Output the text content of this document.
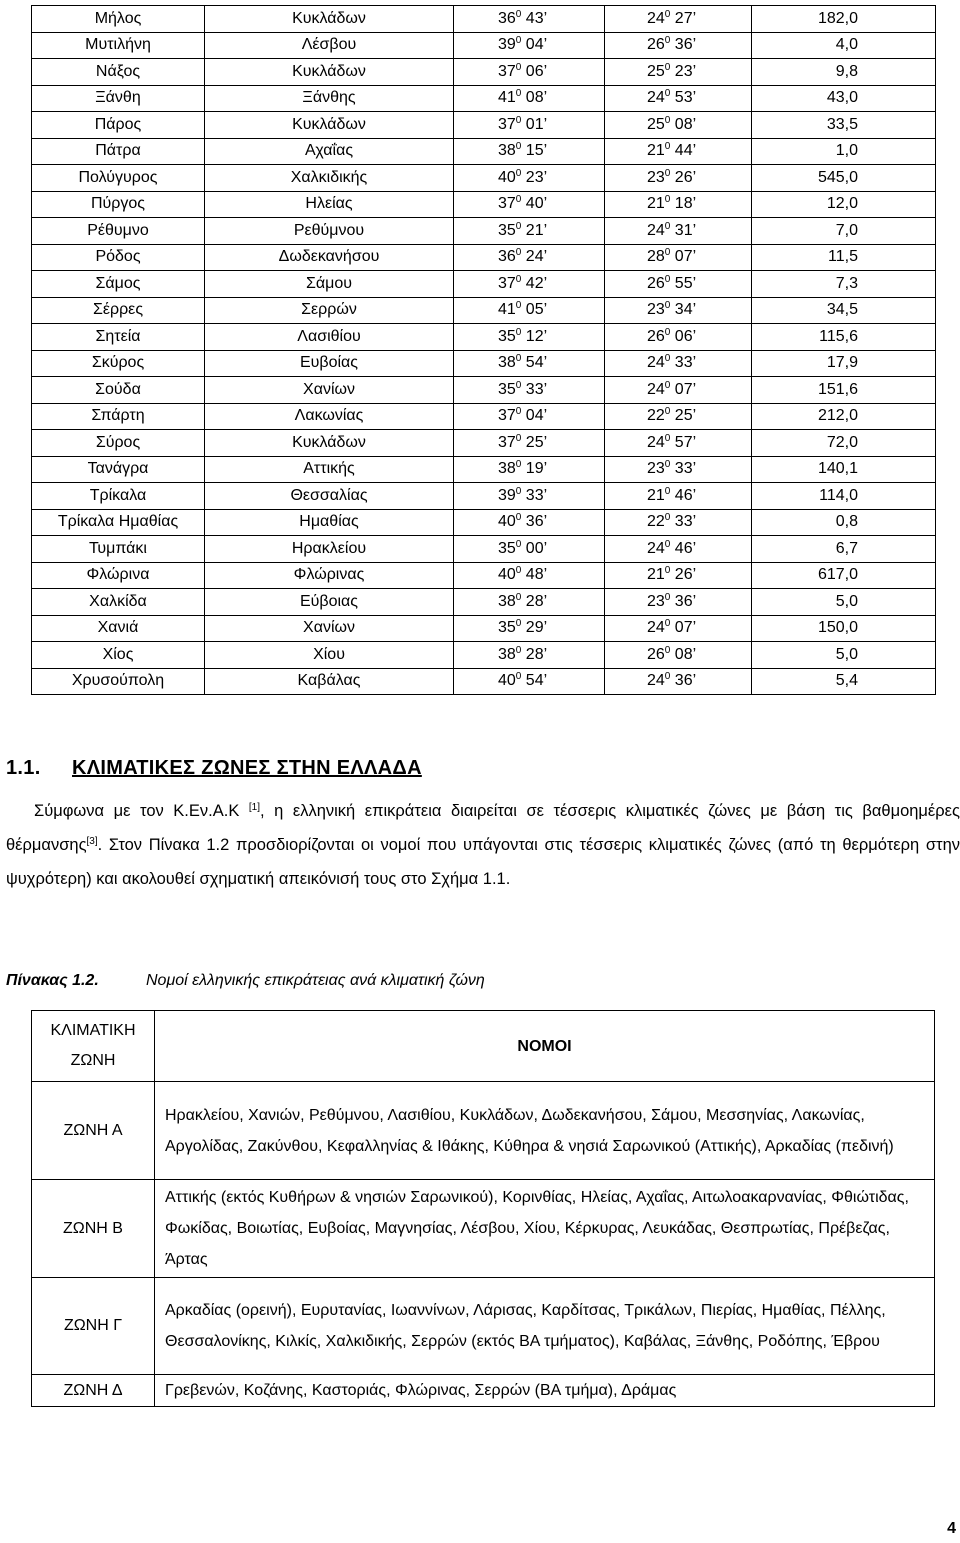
Μήλος	Κυκλάδων	$36^0$ 43’	$24^0$ 27’	182,0
Μυτιλήνη	Λέσβου	$39^0$ 04’	$26^0$ 36’	4,0
Νάξος	Κυκλάδων	$37^0$ 06’	$25^0$ 23’	9,8
Ξάνθη	Ξάνθης	$41^0$ 08’	$24^0$ 53’	43,0
Πάρος	Κυκλάδων	$37^0$ 01’	$25^0$ 08’	33,5
Πάτρα	Αχαΐας	$38^0$ 15’	$21^0$ 44’	1,0
Πολύγυρος	Χαλκιδικής	$40^0$ 23’	$23^0$ 26’	545,0
Πύργος	Ηλείας	$37^0$ 40’	$21^0$ 18’	12,0
Ρέθυμνο	Ρεθύμνου	$35^0$ 21’	$24^0$ 31’	7,0
Ρόδος	Δωδεκανήσου	$36^0$ 24’	$28^0$ 07’	11,5
Σάμος	Σάμου	$37^0$ 42’	$26^0$ 55’	7,3
Σέρρες	Σερρών	$41^0$ 05’	$23^0$ 34’	34,5
Σητεία	Λασιθίου	$35^0$ 12’	$26^0$ 06’	115,6
Σκύρος	Ευβοίας	$38^0$ 54’	$24^0$ 33’	17,9
Σούδα	Χανίων	$35^0$ 33’	$24^0$ 07’	151,6
Σπάρτη	Λακωνίας	$37^0$ 04’	$22^0$ 25’	212,0
Σύρος	Κυκλάδων	$37^0$ 25’	$24^0$ 57’	72,0
Τανάγρα	Αττικής	$38^0$ 19’	$23^0$ 33’	140,1
Τρίκαλα	Θεσσαλίας	$39^0$ 33’	$21^0$ 46’	114,0
Τρίκαλα Ημαθίας	Ημαθίας	$40^0$ 36’	$22^0$ 33’	0,8
Τυμπάκι	Ηρακλείου	$35^0$ 00’	$24^0$ 46’	6,7
Φλώρινα	Φλώρινας	$40^0$ 48’	$21^0$ 26’	617,0
Χαλκίδα	Εύβοιας	$38^0$ 28’	$23^0$ 36’	5,0
Χανιά	Χανίων	$35^0$ 29’	$24^0$ 07’	150,0
Χίος	Χίου	$38^0$ 28’	$26^0$ 08’	5,0
Χρυσούπολη	Καβάλας	$40^0$ 54’	$24^0$ 36’	5,4
1.1. ΚΛΙΜΑΤΙΚΕΣ ΖΩΝΕΣ ΣΤΗΝ ΕΛΛΑΔΑ
Σύμφωνα με τον Κ.Εν.Α.Κ [1], η ελληνική επικράτεια διαιρείται σε τέσσερις κλιματικές ζώνες με βάση τις βαθμοημέρες θέρμανσης[3]. Στον Πίνακα 1.2 προσδιορίζονται οι νομοί που υπάγονται στις τέσσερις κλιματικές ζώνες (από τη θερμότερη στην ψυχρότερη) και ακολουθεί σχηματική απεικόνισή τους στο Σχήμα 1.1.
Πίνακας 1.2.	Νομοί ελληνικής επικράτειας ανά κλιματική ζώνη
ΚΛΙΜΑΤΙΚΗ
ΖΩΝΗ	ΝΟΜΟΙ
ΖΩΝΗ Α	Ηρακλείου, Χανιών, Ρεθύμνου, Λασιθίου, Κυκλάδων, Δωδεκανήσου, Σάμου, Μεσσηνίας, Λακωνίας, Αργολίδας, Ζακύνθου, Κεφαλληνίας & Ιθάκης, Κύθηρα & νησιά Σαρωνικού (Αττικής), Αρκαδίας (πεδινή)
ΖΩΝΗ Β	Αττικής (εκτός Κυθήρων & νησιών Σαρωνικού), Κορινθίας, Ηλείας, Αχαΐας, Αιτωλοακαρνανίας, Φθιώτιδας, Φωκίδας, Βοιωτίας, Ευβοίας, Μαγνησίας, Λέσβου, Χίου, Κέρκυρας, Λευκάδας, Θεσπρωτίας, Πρέβεζας, Άρτας
ΖΩΝΗ Γ	Αρκαδίας (ορεινή), Ευρυτανίας, Ιωαννίνων, Λάρισας, Καρδίτσας, Τρικάλων, Πιερίας, Ημαθίας, Πέλλης, Θεσσαλονίκης, Κιλκίς, Χαλκιδικής, Σερρών (εκτός ΒΑ τμήματος), Καβάλας, Ξάνθης, Ροδόπης, Έβρου
ΖΩΝΗ Δ	Γρεβενών, Κοζάνης, Καστοριάς, Φλώρινας, Σερρών (ΒΑ τμήμα), Δράμας
4
